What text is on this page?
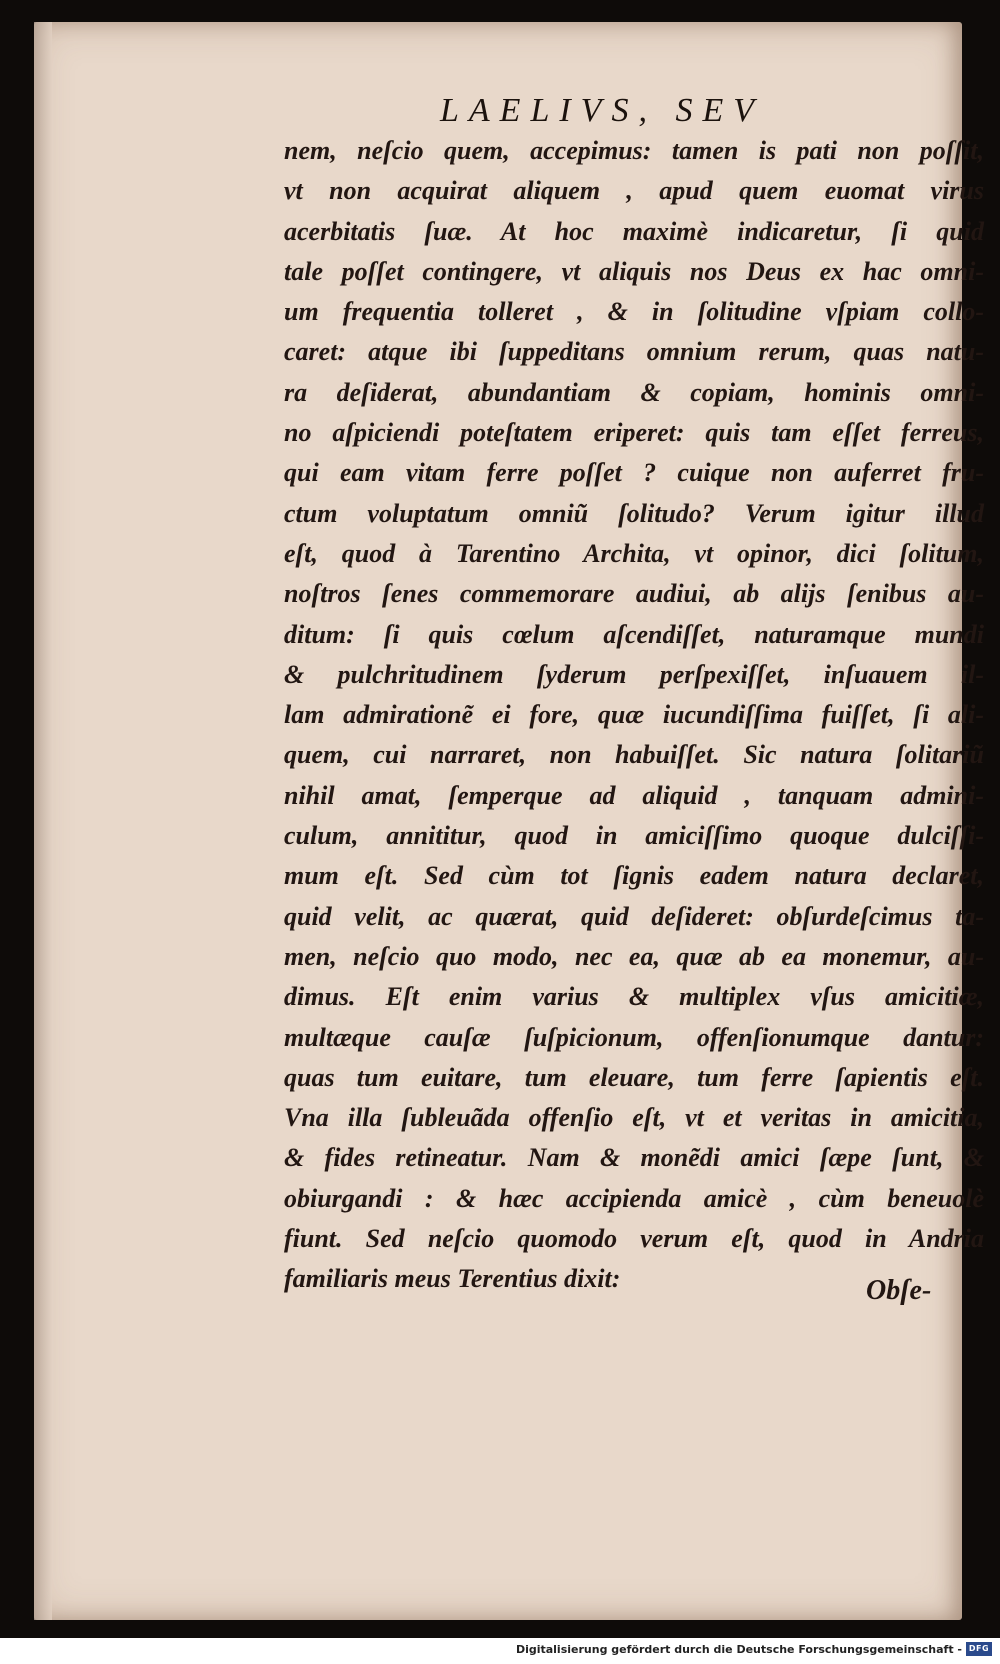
LAELIVS, SEV
nem, neſcio quem, accepimus: tamen is pati non poſſit,
vt non acquirat aliquem , apud quem euomat virus
acerbitatis ſuæ. At hoc maximè indicaretur, ſi quid
tale poſſet contingere, vt aliquis nos Deus ex hac omni-
um frequentia tolleret , & in ſolitudine vſpiam collo-
caret: atque ibi ſuppeditans omnium rerum, quas natu-
ra deſiderat, abundantiam & copiam, hominis omni-
no aſpiciendi poteſtatem eriperet: quis tam eſſet ferreus,
qui eam vitam ferre poſſet ? cuique non auferret fru-
ctum voluptatum omniũ ſolitudo? Verum igitur illud
eſt, quod à Tarentino Archita, vt opinor, dici ſolitum,
noſtros ſenes commemorare audiui, ab alijs ſenibus au-
ditum: ſi quis cœlum aſcendiſſet, naturamque mundi
& pulchritudinem ſyderum perſpexiſſet, inſuauem il-
lam admirationẽ ei fore, quæ iucundiſſima fuiſſet, ſi ali-
quem, cui narraret, non habuiſſet. Sic natura ſolitariũ
nihil amat, ſemperque ad aliquid , tanquam admini-
culum, annititur, quod in amiciſſimo quoque dulciſſi-
mum eſt. Sed cùm tot ſignis eadem natura declaret,
quid velit, ac quærat, quid deſideret: obſurdeſcimus ta-
men, neſcio quo modo, nec ea, quæ ab ea monemur, au-
dimus. Eſt enim varius & multiplex vſus amicitiæ,
multæque cauſæ ſuſpicionum, offenſionumque dantur:
quas tum euitare, tum eleuare, tum ferre ſapientis eſt.
Vna illa ſubleuãda offenſio eſt, vt et veritas in amicitia,
& fides retineatur. Nam & monẽdi amici ſæpe ſunt, &
obiurgandi : & hæc accipienda amicè , cùm beneuolè
fiunt. Sed neſcio quomodo verum eſt, quod in Andria
familiaris meus Terentius dixit:	Obſe-
Digitalisierung gefördert durch die Deutsche Forschungsgemeinschaft - DFG
